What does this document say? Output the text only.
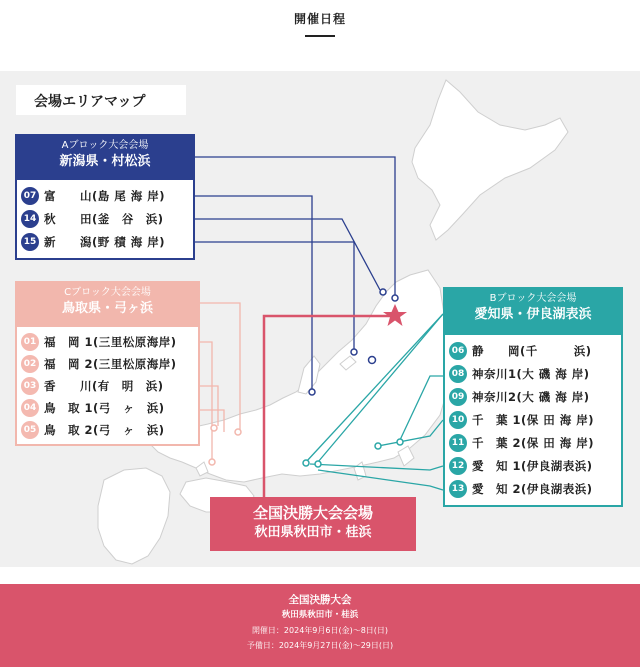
開催日程
会場エリアマップ
Aブロック大会会場
新潟県・村松浜
07 富　　山(島 尾 海 岸)
14 秋　　田(釜　谷　浜)
15 新　　潟(野 積 海 岸)
Cブロック大会会場
鳥取県・弓ヶ浜
01 福　岡 1(三里松原海岸)
02 福　岡 2(三里松原海岸)
03 香　　川(有　明　浜)
04 鳥　取 1(弓　ヶ　浜)
05 鳥　取 2(弓　ヶ　浜)
Bブロック大会会場
愛知県・伊良湖表浜
06 静　　岡(千　　　浜)
08 神奈川1(大 磯 海 岸)
09 神奈川2(大 磯 海 岸)
10 千　葉 1(保 田 海 岸)
11 千　葉 2(保 田 海 岸)
12 愛　知 1(伊良湖表浜)
13 愛　知 2(伊良湖表浜)
全国決勝大会会場
秋田県秋田市・桂浜
全国決勝大会
秋田県秋田市・桂浜
開催日：2024年9月6日(金)〜8日(日)
予備日：2024年9月27日(金)〜29日(日)
